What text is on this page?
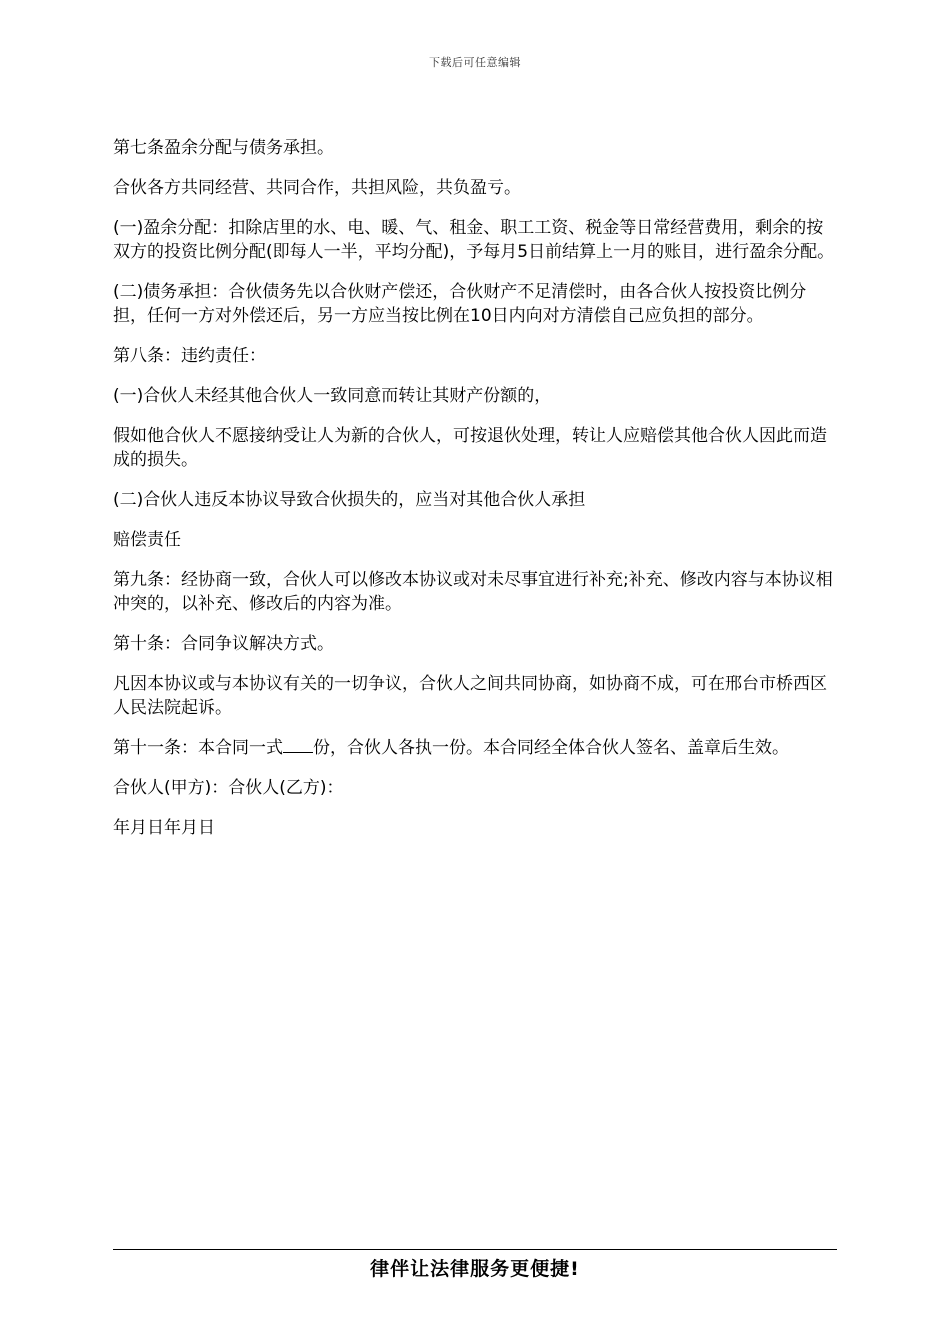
下载后可任意编辑

第七条盈余分配与债务承担。

合伙各方共同经营、共同合作，共担风险，共负盈亏。

(一)盈余分配：扣除店里的水、电、暖、气、租金、职工工资、税金等日常经营费用，剩余的按双方的投资比例分配(即每人一半，平均分配)，予每月5日前结算上一月的账目，进行盈余分配。

(二)债务承担：合伙债务先以合伙财产偿还，合伙财产不足清偿时，由各合伙人按投资比例分担，任何一方对外偿还后，另一方应当按比例在10日内向对方清偿自己应负担的部分。

第八条：违约责任：

(一)合伙人未经其他合伙人一致同意而转让其财产份额的，

假如他合伙人不愿接纳受让人为新的合伙人，可按退伙处理，转让人应赔偿其他合伙人因此而造成的损失。

(二)合伙人违反本协议导致合伙损失的，应当对其他合伙人承担

赔偿责任

第九条：经协商一致，合伙人可以修改本协议或对未尽事宜进行补充;补充、修改内容与本协议相冲突的，以补充、修改后的内容为准。

第十条：合同争议解决方式。

凡因本协议或与本协议有关的一切争议，合伙人之间共同协商，如协商不成，可在邢台市桥西区人民法院起诉。

第十一条：本合同一式 份，合伙人各执一份。本合同经全体合伙人签名、盖章后生效。

合伙人(甲方)：合伙人(乙方)：

年月日年月日

律伴让法律服务更便捷!
